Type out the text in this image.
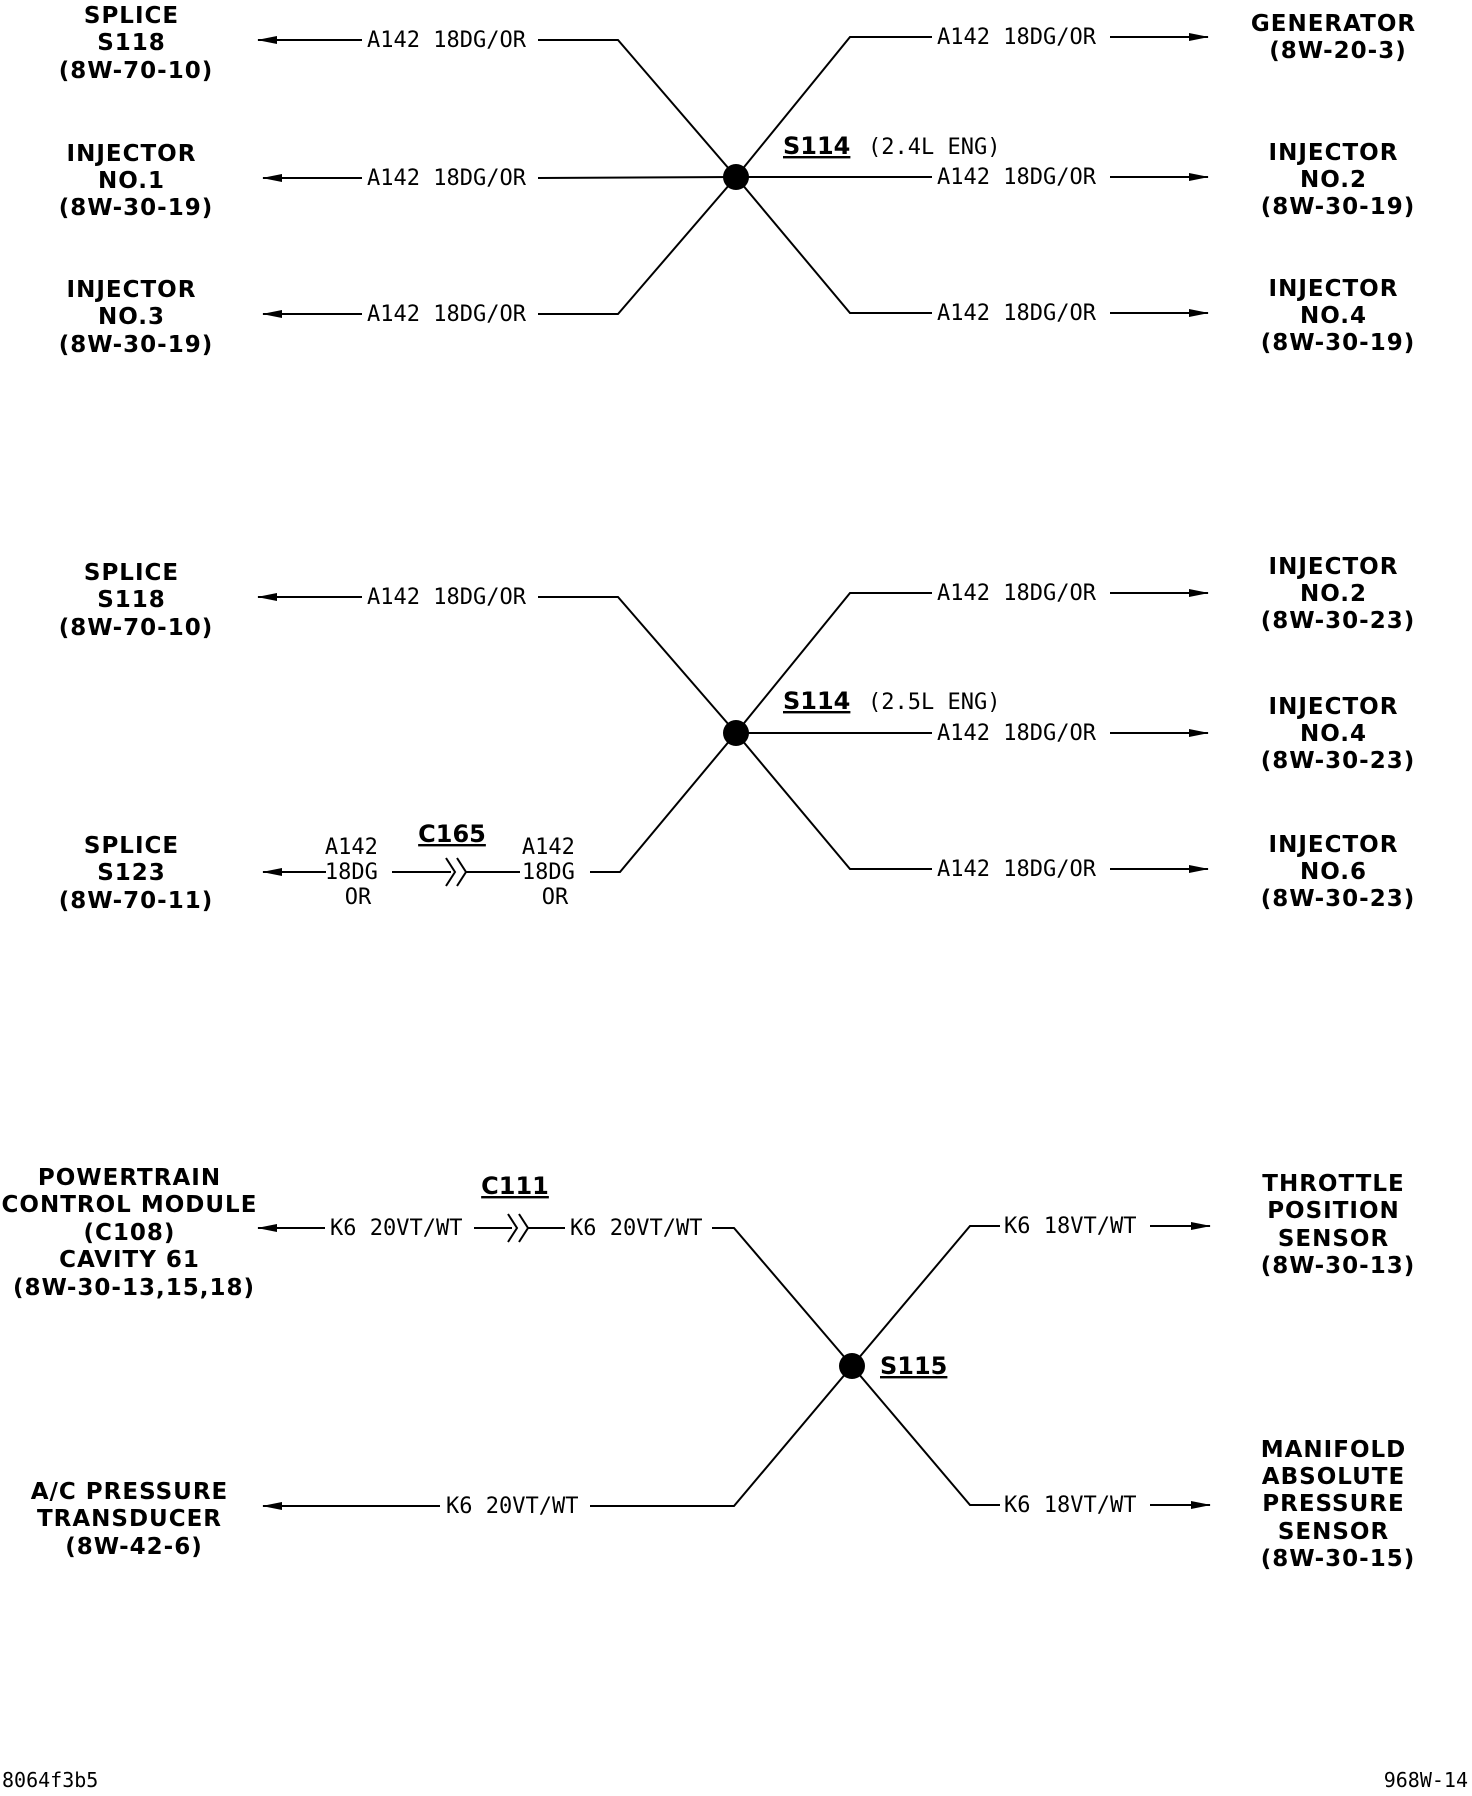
A142 18DG/OR
A142 18DG/OR
A142 18DG/OR
A142 18DG/OR
A142 18DG/OR
A142 18DG/OR
S114 (2.4L ENG)
SPLICE S118 (8W-70-10)
INJECTOR NO.1 (8W-30-19)
INJECTOR NO.3 (8W-30-19)
GENERATOR (8W-20-3)
INJECTOR NO.2 (8W-30-19)
INJECTOR NO.4 (8W-30-19)
A142 18DG/OR
A142 18DG OR
C165 A142 18DG OR
A142 18DG/OR
A142 18DG/OR
A142 18DG/OR
S114 (2.5L ENG)
SPLICE S118 (8W-70-10)
SPLICE S123 (8W-70-11)
INJECTOR NO.2 (8W-30-23)
INJECTOR NO.4 (8W-30-23)
INJECTOR NO.6 (8W-30-23)
K6 20VT/WT
C111
K6 20VT/WT
K6 20VT/WT
K6 18VT/WT
K6 18VT/WT
S115
POWERTRAIN CONTROL MODULE (C108) CAVITY 61 (8W-30-13,15,18)
A/C PRESSURE TRANSDUCER (8W-42-6)
THROTTLE POSITION SENSOR (8W-30-13)
MANIFOLD ABSOLUTE PRESSURE SENSOR (8W-30-15)
8064f3b5	968W-14
